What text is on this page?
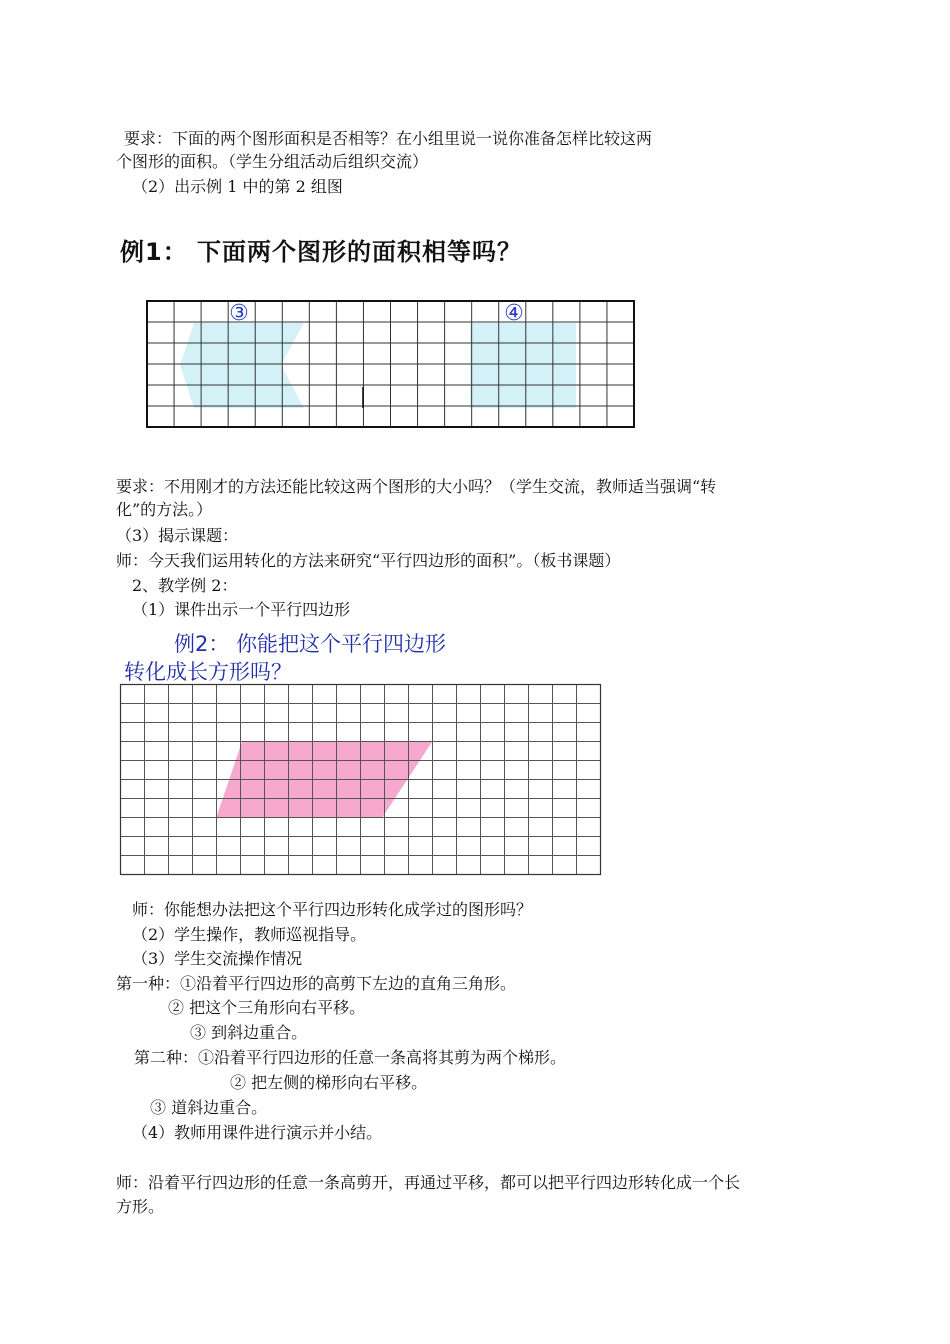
要求：下面的两个图形面积是否相等？在小组里说一说你准备怎样比较这两
个图形的面积。（学生分组活动后组织交流）
（2）出示例 1 中的第 2 组图
例1： 下面两个图形的面积相等吗？
③	④
要求：不用刚才的方法还能比较这两个图形的大小吗？（学生交流，教师适当强调“转
化”的方法。）
（3）揭示课题：
师：今天我们运用转化的方法来研究“平行四边形的面积”。（板书课题）
2、教学例 2：
（1）课件出示一个平行四边形
例2： 你能把这个平行四边形
转化成长方形吗？
师：你能想办法把这个平行四边形转化成学过的图形吗？
（2）学生操作，教师巡视指导。
（3）学生交流操作情况
第一种：①沿着平行四边形的高剪下左边的直角三角形。
② 把这个三角形向右平移。
③ 到斜边重合。
第二种：①沿着平行四边形的任意一条高将其剪为两个梯形。
② 把左侧的梯形向右平移。
③ 道斜边重合。
（4）教师用课件进行演示并小结。
师：沿着平行四边形的任意一条高剪开，再通过平移，都可以把平行四边形转化成一个长
方形。
